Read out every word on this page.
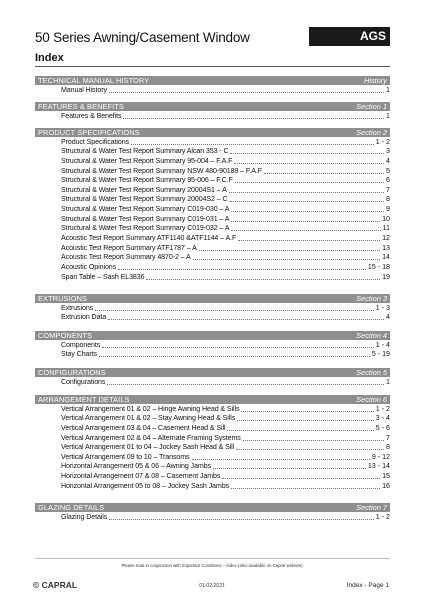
50 Series Awning/Casement Window	AGS
Index
TECHNICAL MANUAL HISTORY	History
Manual History	1
FEATURES & BENEFITS	Section 1
Features & Benefits	1
PRODUCT SPECIFICATIONS	Section 2
Product Specifications	1 - 2
Structural & Water Test Report Summary Alcan 353 - C	3
Structural & Water Test Report Summary 95-004 – F.A.F	4
Structural & Water Test Report Summary NSW 480-90189 – F.A.F	5
Structural & Water Test Report Summary 95-006 – F.C.F	6
Structural & Water Test Report Summary 20004S1 – A	7
Structural & Water Test Report Summary 20004S2 – C	8
Structural & Water Test Report Summary C019-030 – A	9
Structural & Water Test Report Summary C019-031 – A	10
Structural & Water Test Report Summary C019-032 – A	11
Acoustic Test Report Summary ATF1140 &ATF1144 – A.F	12
Acoustic Test Report Summary ATF1787 – A	13
Acoustic Test Report Summary 4870-2 – A	14
Acoustic Opinions	15 - 18
Span Table – Sash EL3836	19
EXTRUSIONS	Section 3
Extrusions	1 - 3
Extrusion Data	4
COMPONENTS	Section 4
Components	1 - 4
Stay Charts	5 - 19
CONFIGURATIONS	Section 5
Configurations	1
ARRANGEMENT DETAILS	Section 6
Vertical Arrangement 01 & 02 – Hinge Awning Head & Sills	1 - 2
Vertical Arrangement 01 & 02 – Stay Awning Head & Sills	3 - 4
Vertical Arrangement 03 & 04 – Casement Head & Sill	5 - 6
Vertical Arrangement 02 & 04 – Alternate Framing Systems	7
Vertical Arrangement 01 to 04 – Jockey Sash Head & Sill	8
Vertical Arrangement 09 to 10 – Transoms	9 - 12
Horizontal Arrangement 05 & 06 – Awning Jambs	13 - 14
Horizontal Arrangement 07 & 08 – Casement Jambs	15
Horizontal Arrangement 05 to 08 – Jockey Sash Jambs	16
GLAZING DETAILS	Section 7
Glazing Details	1 - 2
Please read in conjunction with Important Conditions – Index (also available on Capral website)
© CAPRAL	01-02-2021	Index - Page 1
